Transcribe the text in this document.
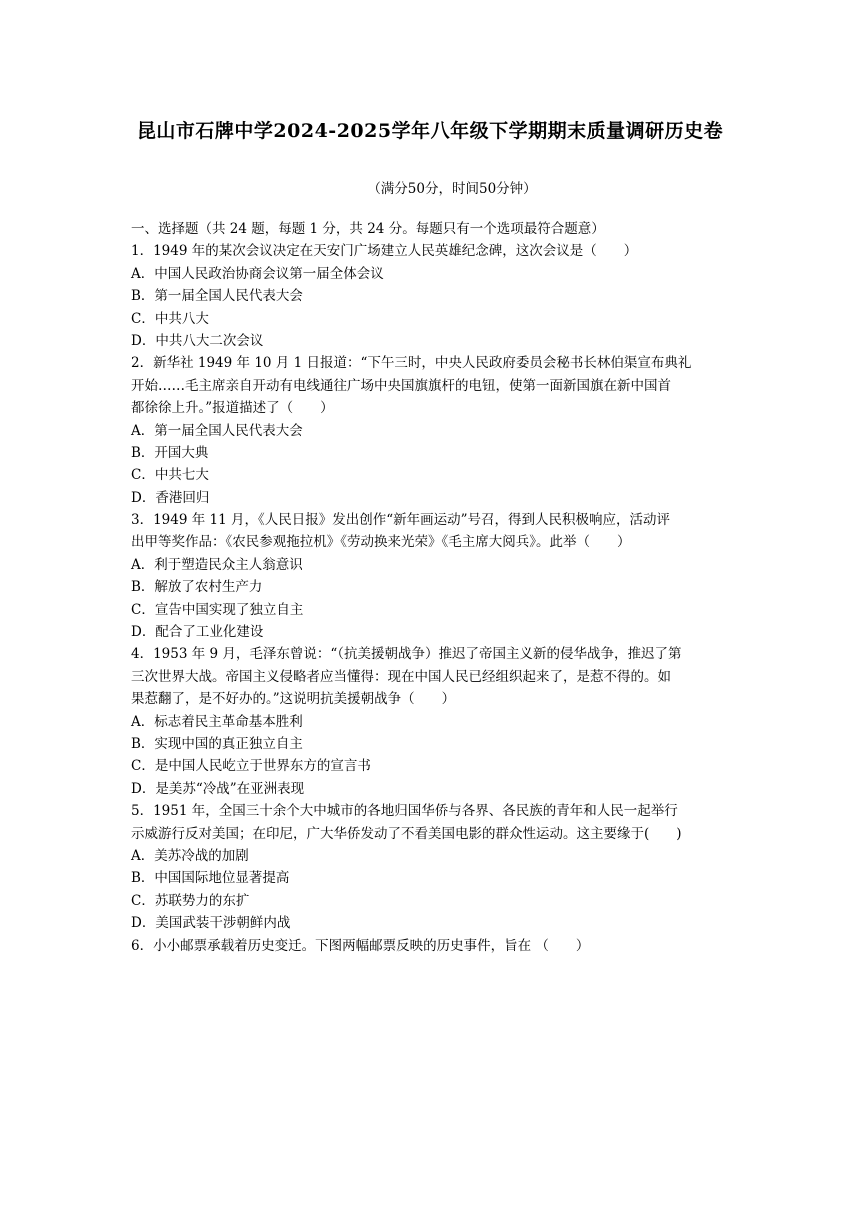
昆山市石牌中学2024-2025学年八年级下学期期末质量调研历史卷
（满分50分，时间50分钟）
一、选择题（共 24 题，每题 1 分，共 24 分。每题只有一个选项最符合题意）
1．1949 年的某次会议决定在天安门广场建立人民英雄纪念碑，这次会议是（　　）
A．中国人民政治协商会议第一届全体会议
B．第一届全国人民代表大会
C．中共八大
D．中共八大二次会议
2．新华社 1949 年 10 月 1 日报道：“下午三时，中央人民政府委员会秘书长林伯渠宣布典礼
开始……毛主席亲自开动有电线通往广场中央国旗旗杆的电钮，使第一面新国旗在新中国首
都徐徐上升。”报道描述了（　　）
A．第一届全国人民代表大会
B．开国大典
C．中共七大
D．香港回归
3．1949 年 11 月，《人民日报》发出创作“新年画运动”号召，得到人民积极响应，活动评
出甲等奖作品：《农民参观拖拉机》《劳动换来光荣》《毛主席大阅兵》。此举（　　）
A．利于塑造民众主人翁意识
B．解放了农村生产力
C．宣告中国实现了独立自主
D．配合了工业化建设
4．1953 年 9 月，毛泽东曾说：“（抗美援朝战争）推迟了帝国主义新的侵华战争，推迟了第
三次世界大战。帝国主义侵略者应当懂得：现在中国人民已经组织起来了，是惹不得的。如
果惹翻了，是不好办的。”这说明抗美援朝战争（　　）
A．标志着民主革命基本胜利
B．实现中国的真正独立自主
C．是中国人民屹立于世界东方的宣言书
D．是美苏“冷战”在亚洲表现
5．1951 年，全国三十余个大中城市的各地归国华侨与各界、各民族的青年和人民一起举行
示威游行反对美国；在印尼，广大华侨发动了不看美国电影的群众性运动。这主要缘于(　　)
A．美苏冷战的加剧
B．中国国际地位显著提高
C．苏联势力的东扩
D．美国武装干涉朝鲜内战
6．小小邮票承载着历史变迁。下图两幅邮票反映的历史事件，旨在 （　　）
